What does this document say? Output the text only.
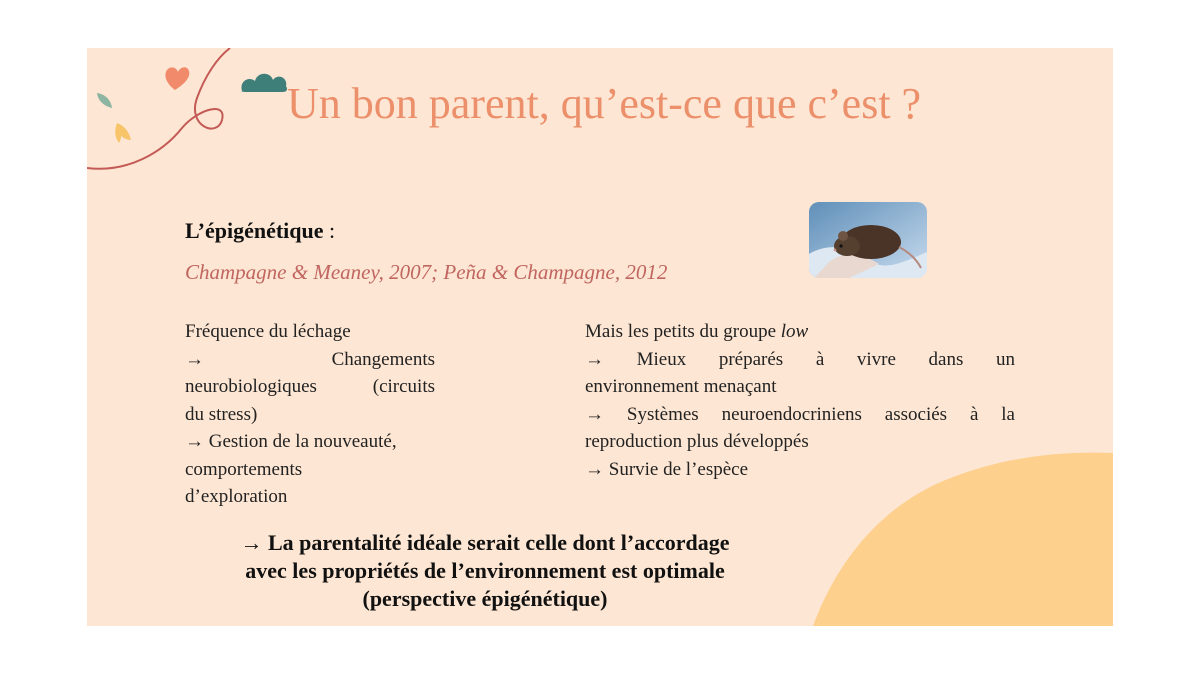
Un bon parent, qu’est-ce que c’est ?
L’épigénétique :
Champagne & Meaney, 2007; Peña & Champagne, 2012

Fréquence du léchage

→ Changements

neurobiologiques (circuits

du stress)

→ Gestion de la nouveauté,

comportements

d’exploration

Mais les petits du groupe low

→ Mieux préparés à vivre dans un

environnement menaçant

→ Systèmes neuroendocriniens associés à la

reproduction plus développés

→ Survie de l’espèce

→ La parentalité idéale serait celle dont l’accordage
avec les propriétés de l’environnement est optimale
(perspective épigénétique)
